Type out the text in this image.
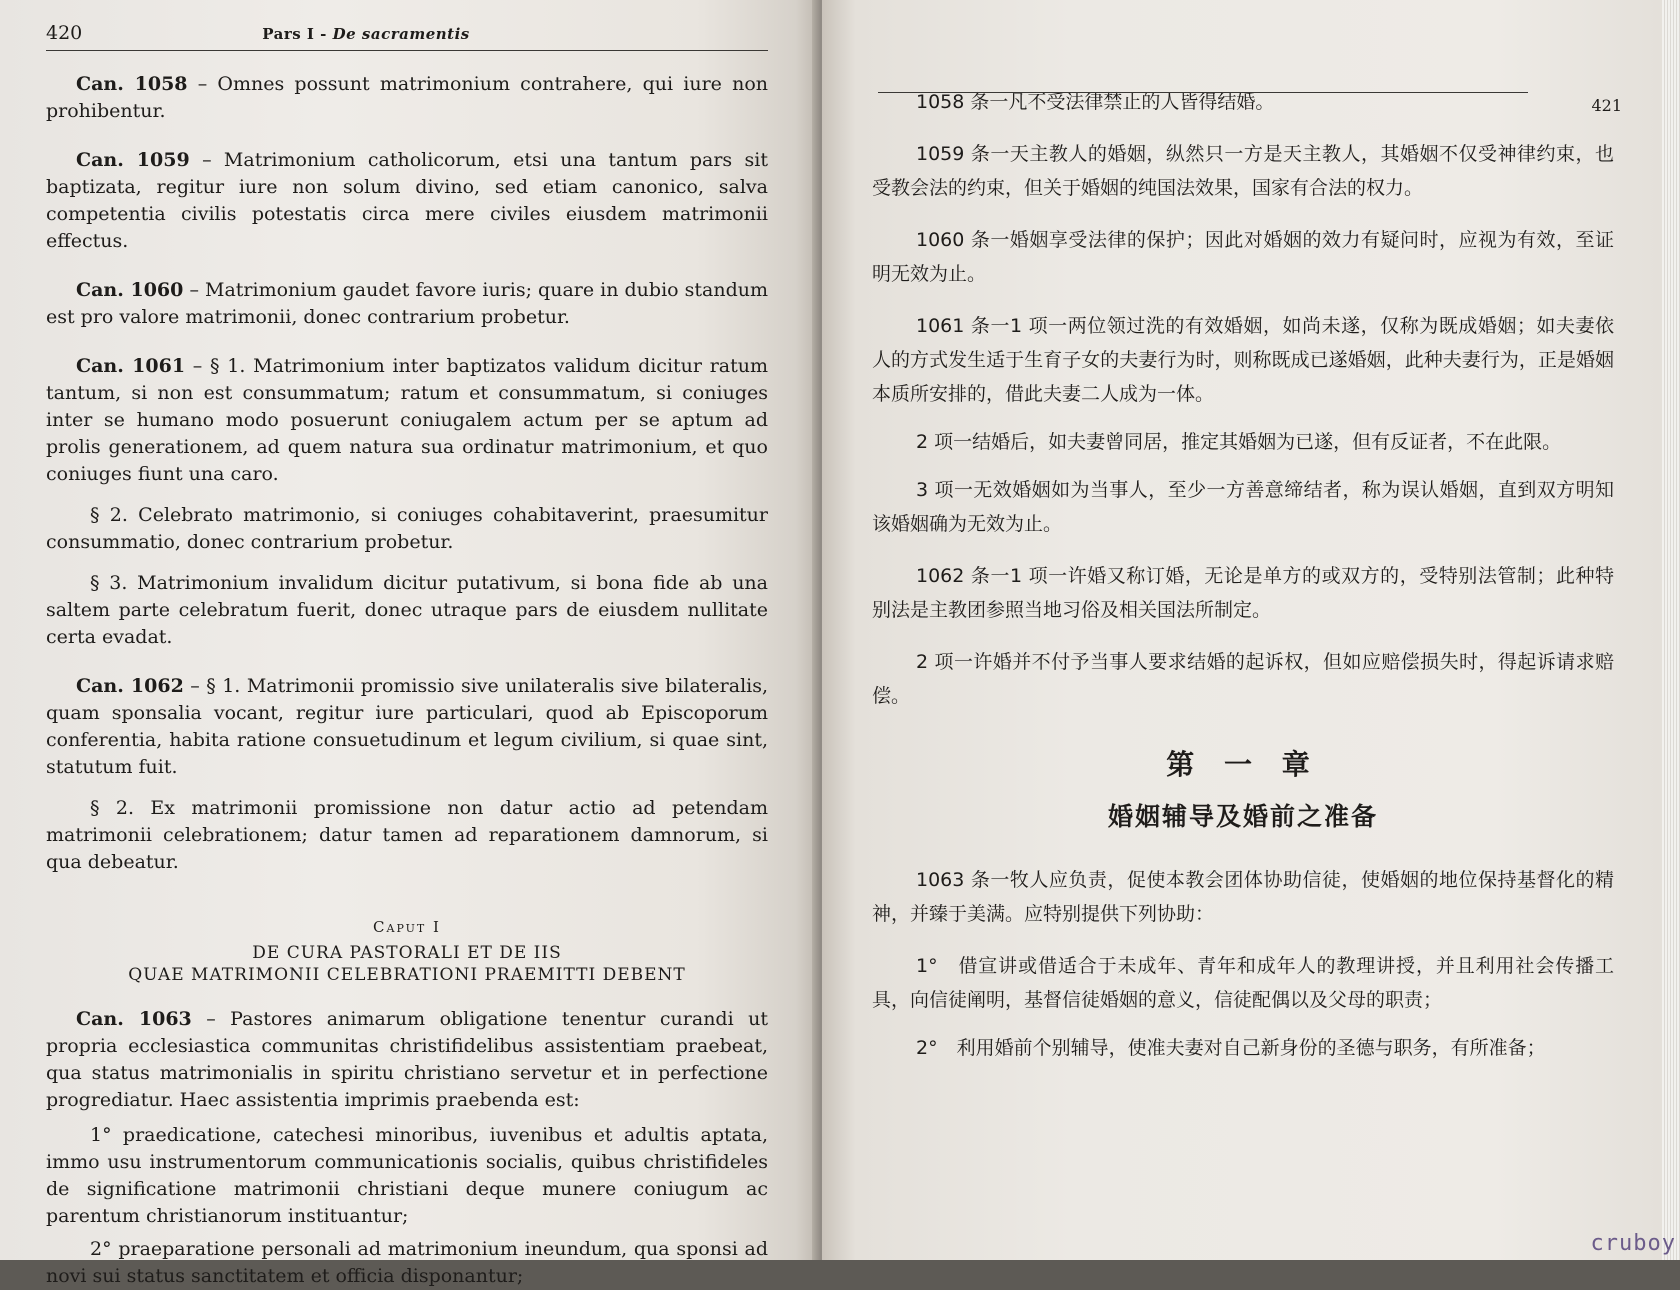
420	Pars I - De sacramentis

Can. 1058 – Omnes possunt matrimonium contrahere, qui iure non prohibentur.

Can. 1059 – Matrimonium catholicorum, etsi una tantum pars sit baptizata, regitur iure non solum divino, sed etiam canonico, salva competentia civilis potestatis circa mere civiles eiusdem matrimonii effectus.

Can. 1060 – Matrimonium gaudet favore iuris; quare in dubio standum est pro valore matrimonii, donec contrarium probetur.

Can. 1061 – § 1. Matrimonium inter baptizatos validum dicitur ratum tantum, si non est consummatum; ratum et consummatum, si coniuges inter se humano modo posuerunt coniugalem actum per se aptum ad prolis generationem, ad quem natura sua ordinatur matrimonium, et quo coniuges fiunt una caro.

§ 2. Celebrato matrimonio, si coniuges cohabitaverint, praesumitur consummatio, donec contrarium probetur.

§ 3. Matrimonium invalidum dicitur putativum, si bona fide ab una saltem parte celebratum fuerit, donec utraque pars de eiusdem nullitate certa evadat.

Can. 1062 – § 1. Matrimonii promissio sive unilateralis sive bilateralis, quam sponsalia vocant, regitur iure particulari, quod ab Episcoporum conferentia, habita ratione consuetudinum et legum civilium, si quae sint, statutum fuit.

§ 2. Ex matrimonii promissione non datur actio ad petendam matrimonii celebrationem; datur tamen ad reparationem damnorum, si qua debeatur.

Caput I
DE CURA PASTORALI ET DE IIS
QUAE MATRIMONII CELEBRATIONI PRAEMITTI DEBENT

Can. 1063 – Pastores animarum obligatione tenentur curandi ut propria ecclesiastica communitas christifidelibus assistentiam praebeat, qua status matrimonialis in spiritu christiano servetur et in perfectione progrediatur. Haec assistentia imprimis praebenda est:

1° praedicatione, catechesi minoribus, iuvenibus et adultis aptata, immo usu instrumentorum communicationis socialis, quibus christifideles de significatione matrimonii christiani deque munere coniugum ac parentum christianorum instituantur;

2° praeparatione personali ad matrimonium ineundum, qua sponsi ad novi sui status sanctitatem et officia disponantur;

1058 条一凡不受法律禁止的人皆得结婚。

1059 条一天主教人的婚姻，纵然只一方是天主教人，其婚姻不仅受神律约束，也受教会法的约束，但关于婚姻的纯国法效果，国家有合法的权力。

1060 条一婚姻享受法律的保护；因此对婚姻的效力有疑问时，应视为有效，至证明无效为止。

1061 条一1 项一两位领过洗的有效婚姻，如尚未遂，仅称为既成婚姻；如夫妻依人的方式发生适于生育子女的夫妻行为时，则称既成已遂婚姻，此种夫妻行为，正是婚姻本质所安排的，借此夫妻二人成为一体。

2 项一结婚后，如夫妻曾同居，推定其婚姻为已遂，但有反证者，不在此限。

3 项一无效婚姻如为当事人，至少一方善意缔结者，称为误认婚姻，直到双方明知该婚姻确为无效为止。

1062 条一1 项一许婚又称订婚，无论是单方的或双方的，受特别法管制；此种特别法是主教团参照当地习俗及相关国法所制定。

2 项一许婚并不付予当事人要求结婚的起诉权，但如应赔偿损失时，得起诉请求赔偿。

第 一 章
婚姻辅导及婚前之准备

1063 条一牧人应负责，促使本教会团体协助信徒，使婚姻的地位保持基督化的精神，并臻于美满。应特别提供下列协助：

1°　借宣讲或借适合于未成年、青年和成年人的教理讲授，并且利用社会传播工具，向信徒阐明，基督信徒婚姻的意义，信徒配偶以及父母的职责；

2°　利用婚前个别辅导，使准夫妻对自己新身份的圣德与职务，有所准备；

421
cruboy
